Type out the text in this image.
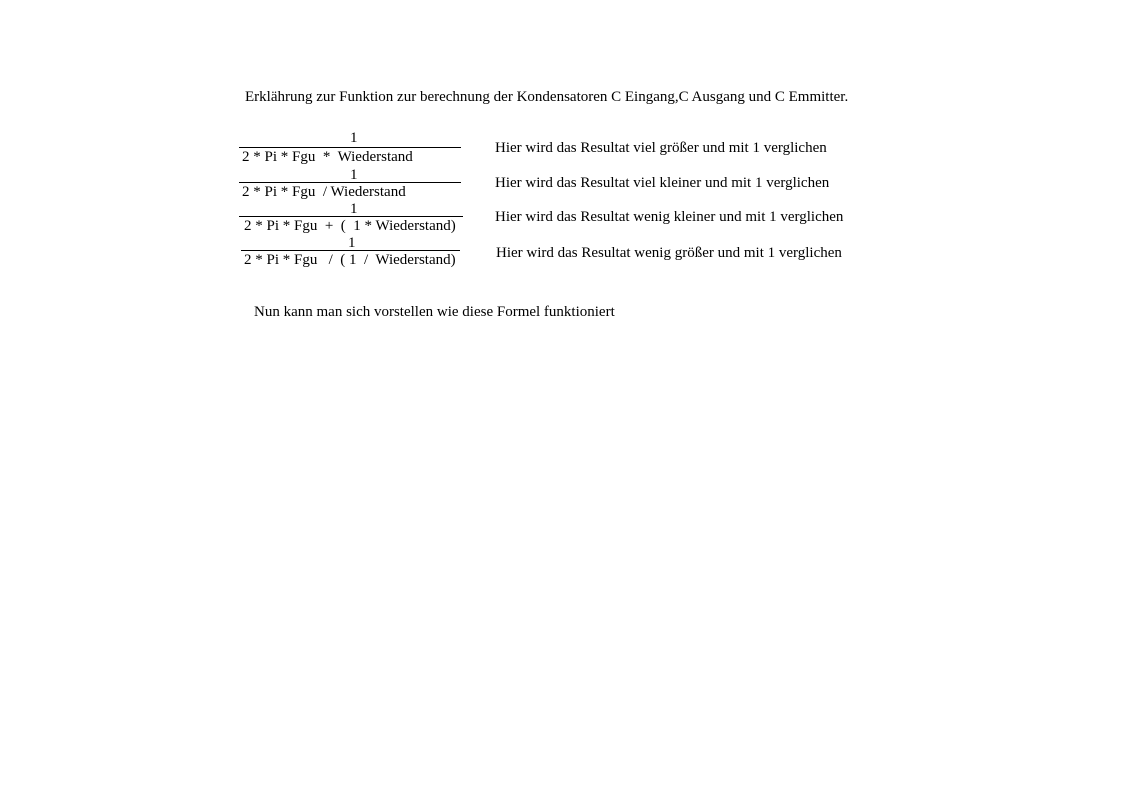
Erklährung zur Funktion zur berechnung der Kondensatoren C Eingang,C Ausgang und C Emmitter.
1
2 * Pi * Fgu  *  Wiederstand
Hier wird das Resultat viel größer und mit 1 verglichen
1
2 * Pi * Fgu  / Wiederstand
Hier wird das Resultat viel kleiner und mit 1 verglichen
1
2 * Pi * Fgu  +  (  1 * Wiederstand)
Hier wird das Resultat wenig kleiner und mit 1 verglichen
1
2 * Pi * Fgu   /  ( 1  /  Wiederstand)	Hier wird das Resultat wenig größer und mit 1 verglichen
Nun kann man sich vorstellen wie diese Formel funktioniert
